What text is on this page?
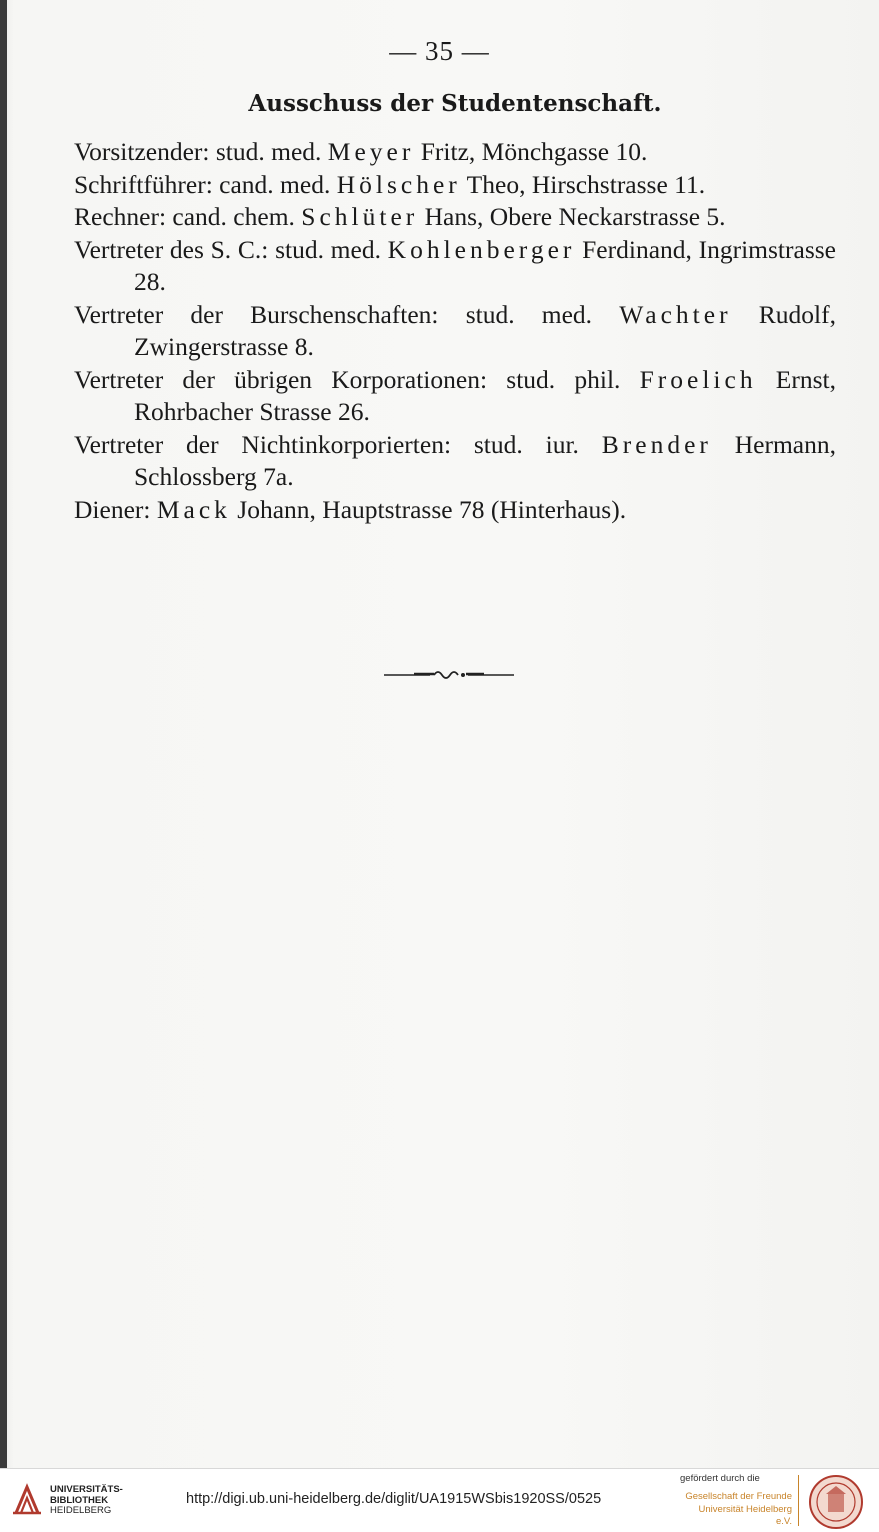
— 35 —
Ausschuss der Studentenschaft.
Vorsitzender: stud. med. Meyer Fritz, Mönchgasse 10.
Schriftführer: cand. med. Hölscher Theo, Hirschstrasse 11.
Rechner: cand. chem. Schlüter Hans, Obere Neckarstrasse 5.
Vertreter des S. C.: stud. med. Kohlenberger Ferdinand, Ingrimstrasse 28.
Vertreter der Burschenschaften: stud. med. Wachter Rudolf, Zwingerstrasse 8.
Vertreter der übrigen Korporationen: stud. phil. Froelich Ernst, Rohrbacher Strasse 26.
Vertreter der Nichtinkorporierten: stud. iur. Brender Hermann, Schlossberg 7a.
Diener: Mack Johann, Hauptstrasse 78 (Hinterhaus).
UNIVERSITÄTS-
BIBLIOTHEK
HEIDELBERG
http://digi.ub.uni-heidelberg.de/diglit/UA1915WSbis1920SS/0525
gefördert durch die
Gesellschaft der Freunde
Universität Heidelberg e.V.
